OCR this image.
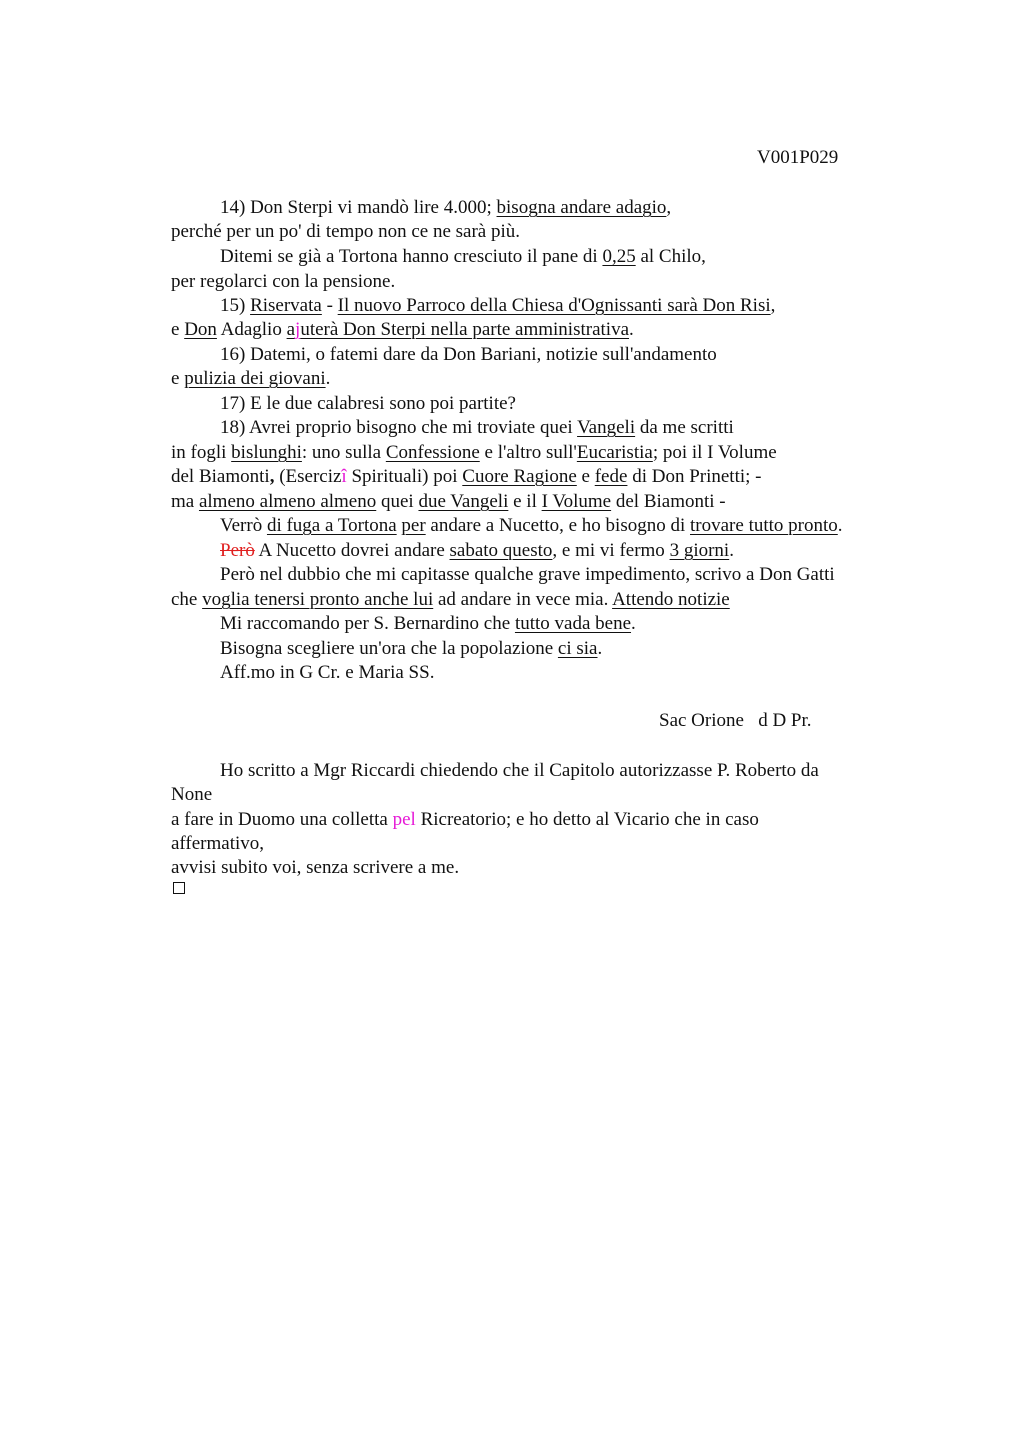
V001P029
14) Don Sterpi vi mandò lire 4.000; bisogna andare adagio,
perché per un po' di tempo non ce ne sarà più.
Ditemi se già a Tortona hanno cresciuto il pane di 0,25 al Chilo,
per regolarci con la pensione.
15) Riservata - Il nuovo Parroco della Chiesa d'Ognissanti sarà Don Risi,
e Don Adaglio ajuterà Don Sterpi nella parte amministrativa.
16) Datemi, o fatemi dare da Don Bariani, notizie sull'andamento
e pulizia dei giovani.
17) E le due calabresi sono poi partite?
18) Avrei proprio bisogno che mi troviate quei Vangeli da me scritti
in fogli bislunghi: uno sulla Confessione e l'altro sull'Eucaristia; poi il I Volume
del Biamonti, (Esercizî Spirituali) poi Cuore Ragione e fede di Don Prinetti; -
ma almeno almeno almeno quei due Vangeli e il I Volume del Biamonti -
Verrò di fuga a Tortona per andare a Nucetto, e ho bisogno di trovare tutto pronto.
Però A Nucetto dovrei andare sabato questo, e mi vi fermo 3 giorni.
Però nel dubbio che mi capitasse qualche grave impedimento, scrivo a Don Gatti
che voglia tenersi pronto anche lui ad andare in vece mia. Attendo notizie
Mi raccomando per S. Bernardino che tutto vada bene.
Bisogna scegliere un'ora che la popolazione ci sia.
Aff.mo in G Cr. e Maria SS.
Ho scritto a Mgr Riccardi chiedendo che il Capitolo autorizzasse P. Roberto da
None
a fare in Duomo una colletta pel Ricreatorio; e ho detto al Vicario che in caso
affermativo,
avvisi subito voi, senza scrivere a me.
Sac Orione   d D Pr.
